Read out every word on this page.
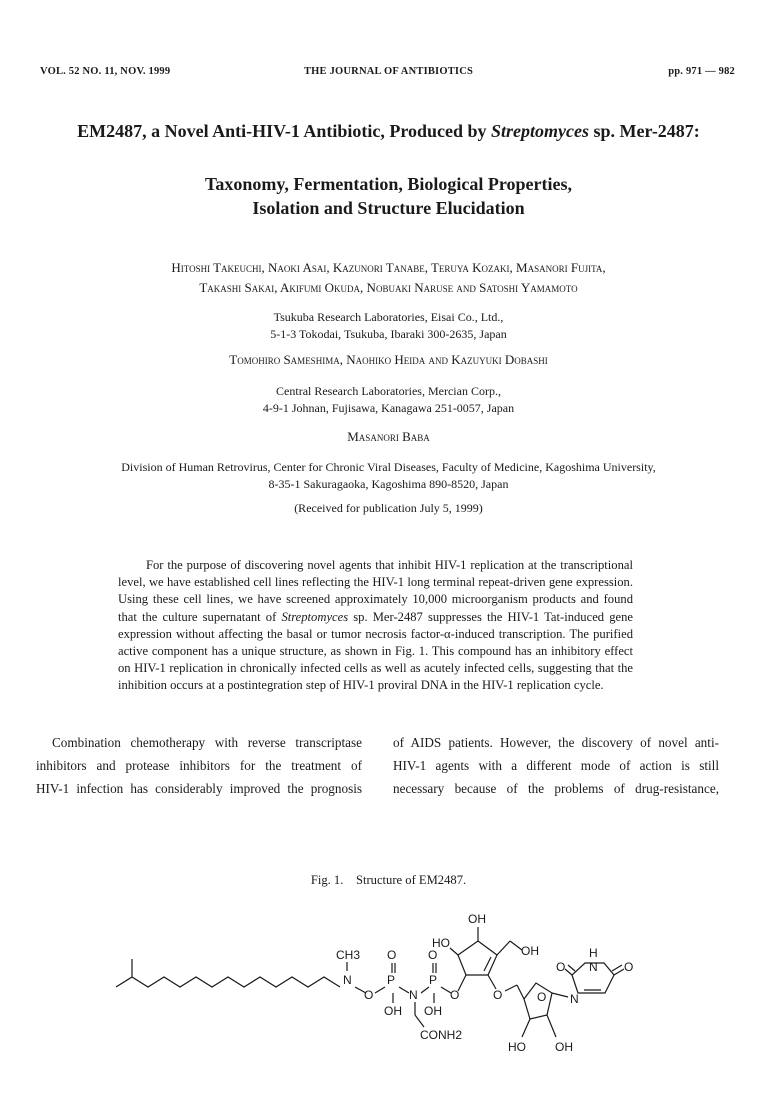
VOL. 52 NO. 11, NOV. 1999	THE JOURNAL OF ANTIBIOTICS	pp. 971 — 982
EM2487, a Novel Anti-HIV-1 Antibiotic, Produced by Streptomyces sp. Mer-2487:
Taxonomy, Fermentation, Biological Properties,
Isolation and Structure Elucidation
Hitoshi Takeuchi, Naoki Asai, Kazunori Tanabe, Teruya Kozaki, Masanori Fujita,
Takashi Sakai, Akifumi Okuda, Nobuaki Naruse and Satoshi Yamamoto
Tsukuba Research Laboratories, Eisai Co., Ltd.,
5-1-3 Tokodai, Tsukuba, Ibaraki 300-2635, Japan
Tomohiro Sameshima, Naohiko Heida and Kazuyuki Dobashi
Central Research Laboratories, Mercian Corp.,
4-9-1 Johnan, Fujisawa, Kanagawa 251-0057, Japan
Masanori Baba
Division of Human Retrovirus, Center for Chronic Viral Diseases, Faculty of Medicine, Kagoshima University,
8-35-1 Sakuragaoka, Kagoshima 890-8520, Japan
(Received for publication July 5, 1999)
For the purpose of discovering novel agents that inhibit HIV-1 replication at the transcriptional level, we have established cell lines reflecting the HIV-1 long terminal repeat-driven gene expression. Using these cell lines, we have screened approximately 10,000 microorganism products and found that the culture supernatant of Streptomyces sp. Mer-2487 suppresses the HIV-1 Tat-induced gene expression without affecting the basal or tumor necrosis factor-α-induced transcription. The purified active component has a unique structure, as shown in Fig. 1. This compound has an inhibitory effect on HIV-1 replication in chronically infected cells as well as acutely infected cells, suggesting that the inhibition occurs at a postintegration step of HIV-1 proviral DNA in the HIV-1 replication cycle.
Combination chemotherapy with reverse transcriptase
inhibitors and protease inhibitors for the treatment of
HIV-1 infection has considerably improved the prognosis
of AIDS patients. However, the discovery of novel anti-
HIV-1 agents with a different mode of action is still
necessary because of the problems of drug-resistance,
Fig. 1. Structure of EM2487.
OH
HO
OH
CH3 O	O
N
O
P
N
P
O
OH OH
CONH2
O	O N
H
N
O	O
HO OH
